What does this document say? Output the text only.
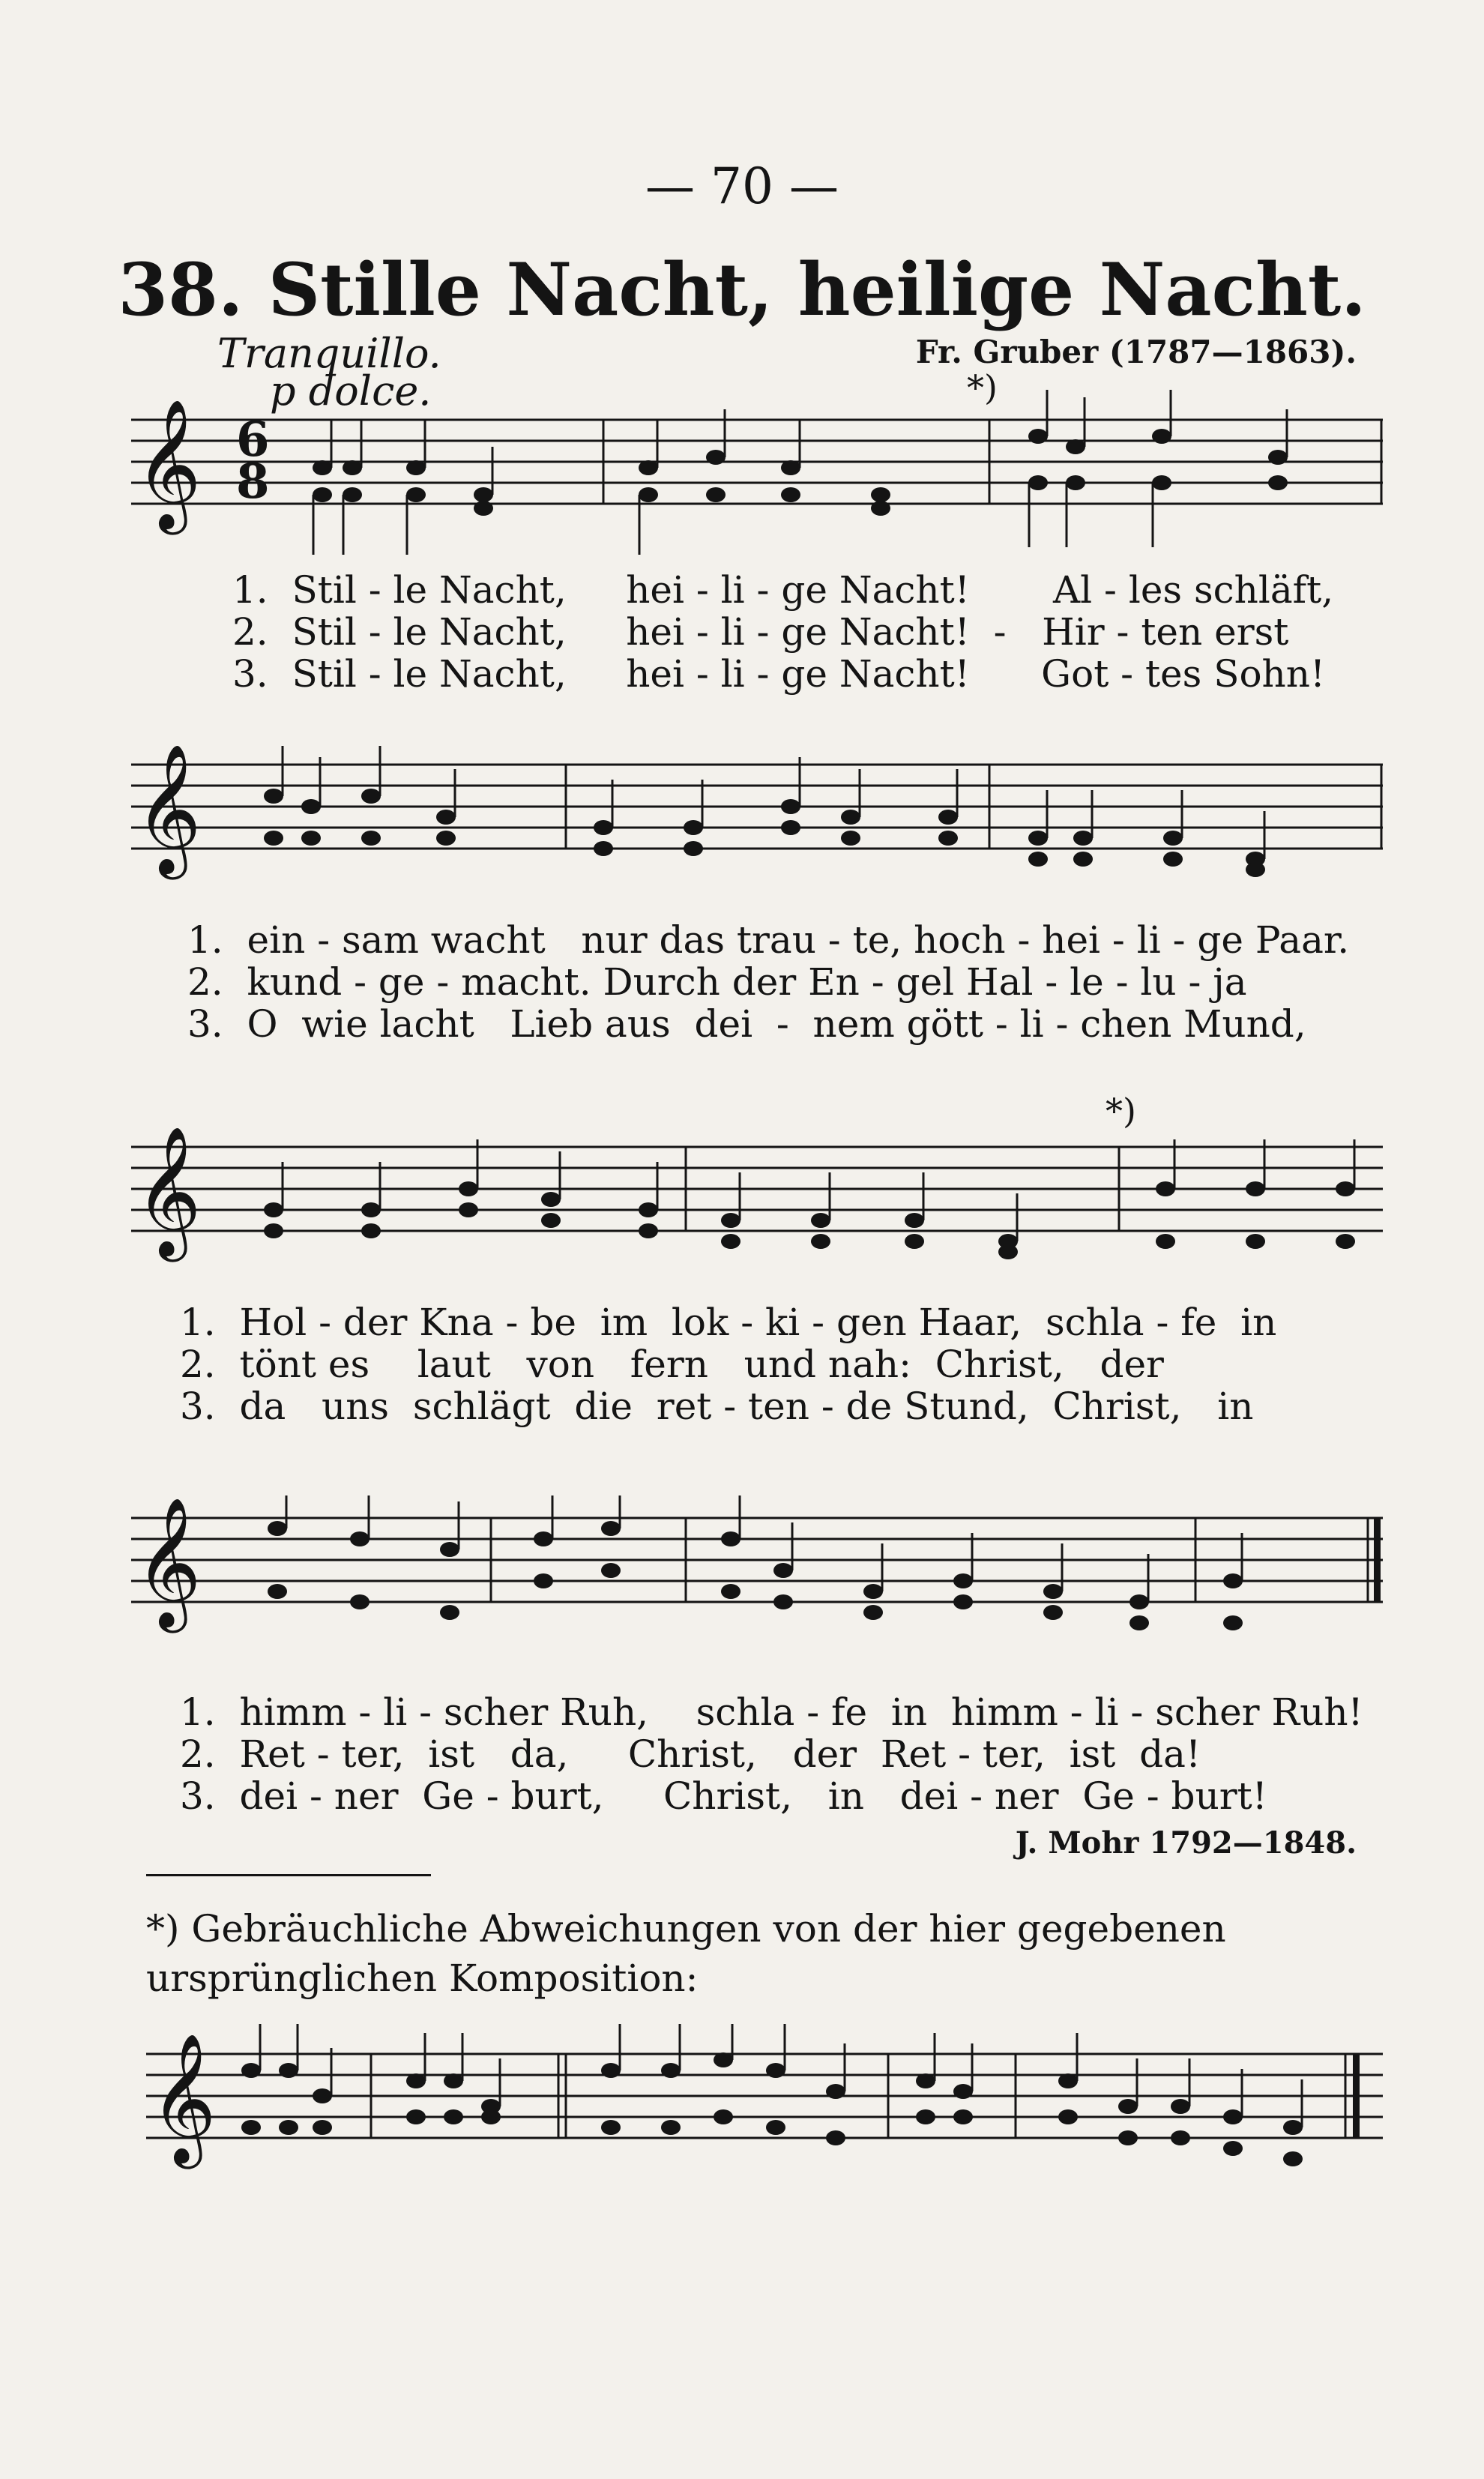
— 70 —
38. Stille Nacht, heilige Nacht.
Tranquillo.
p dolce.
Fr. Gruber (1787—1863).
*)
*)
𝄞 6
8

1. Stil - le Nacht,     hei - li - ge Nacht!       Al - les schläft,

2. Stil - le Nacht,     hei - li - ge Nacht!  -   Hir - ten erst

3. Stil - le Nacht,     hei - li - ge Nacht!      Got - tes Sohn!

𝄞

1. ein - sam wacht   nur das trau - te, hoch - hei - li - ge Paar.

2. kund - ge - macht. Durch der En - gel Hal - le - lu - ja

3. O  wie lacht   Lieb aus  dei  -  nem gött - li - chen Mund,

𝄞

1. Hol - der Kna - be  im  lok - ki - gen Haar,  schla - fe  in

2. tönt es    laut   von   fern   und nah:  Christ,   der

3. da   uns  schlägt  die  ret - ten - de Stund,  Christ,   in

𝄞

1. himm - li - scher Ruh,    schla - fe  in  himm - li - scher Ruh!

2. Ret - ter,  ist   da,     Christ,   der  Ret - ter,  ist  da!

3. dei - ner  Ge - burt,     Christ,   in   dei - ner  Ge - burt!

J. Mohr 1792—1848.
*) Gebräuchliche Abweichungen von der hier gegebenen ursprünglichen Komposition:
𝄞
